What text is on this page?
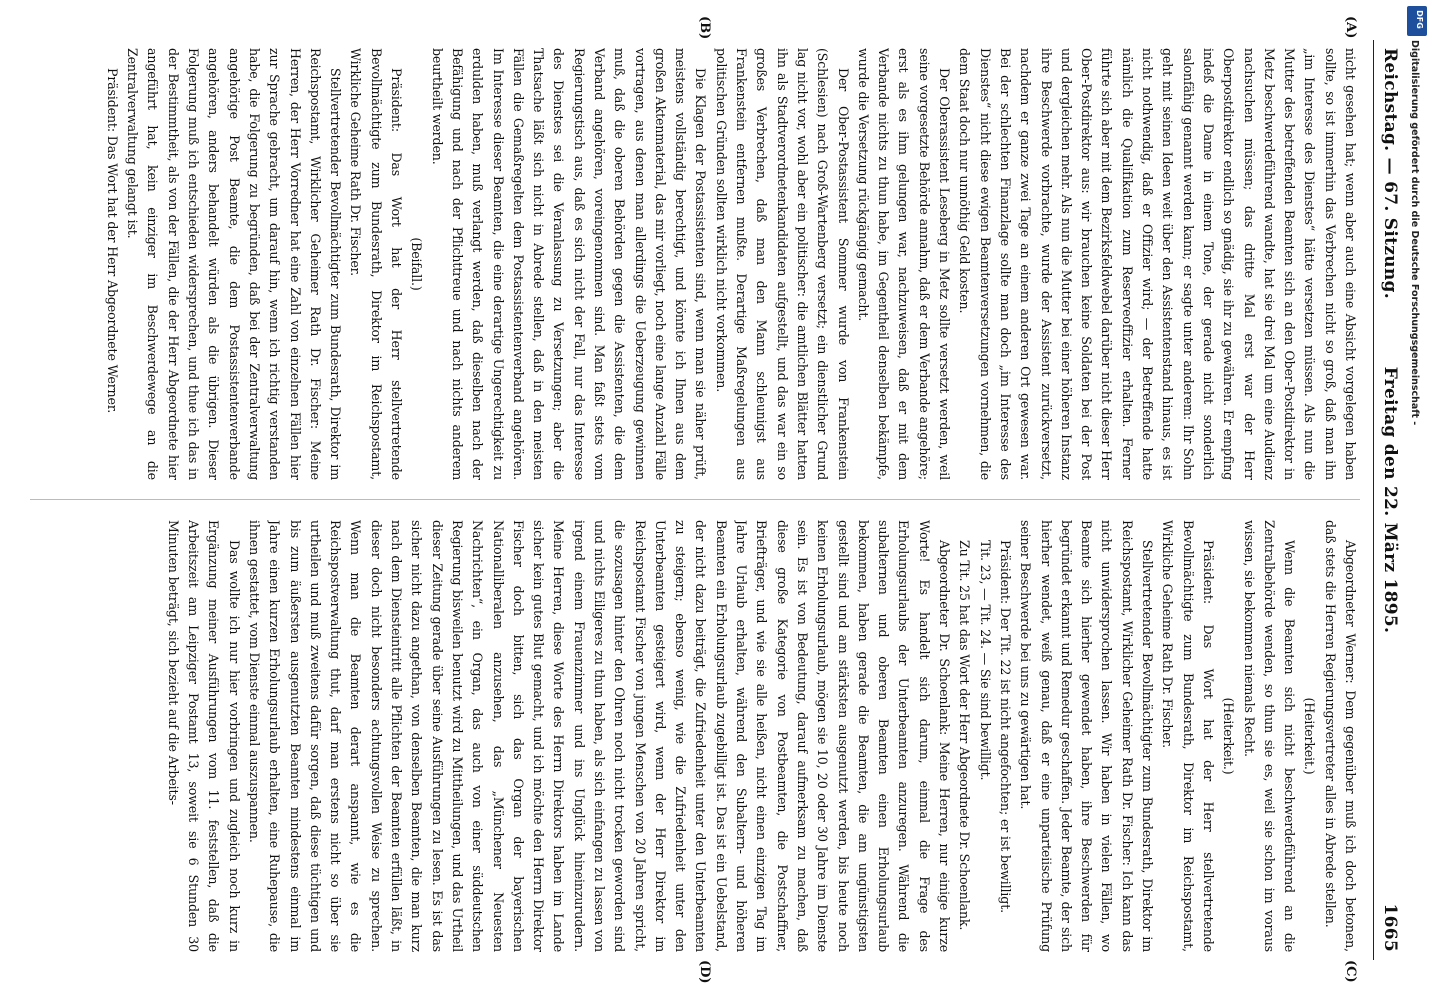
Reichstag. — 67. Sitzung.
Freitag den 22. März 1895.
1665
(A)
(B)
(C)
(D)

nicht gesehen hat; wenn aber auch eine Absicht vorgelegen haben sollte, so ist immerhin das Verbrechen nicht so groß, daß man ihn „im Interesse des Dienstes“ hätte versetzen müssen. Als nun die Mutter des betreffenden Beamten sich an den Ober-Postdirektor in Metz beschwerdeführend wandte, hat sie drei Mal um eine Audienz nachsuchen müssen; das dritte Mal erst war der Herr Oberpostdirektor endlich so gnädig, sie ihr zu gewähren. Er empfing indeß die Dame in einem Tone, der gerade nicht sonderlich salonfähig genannt werden kann; er sagte unter anderem: Ihr Sohn geht mit seinen Ideen weit über den Assistentenstand hinaus, es ist nicht nothwendig, daß er Offizier wird; — der Betreffende hatte nämlich die Qualifikation zum Reserveoffizier erhalten. Ferner führte sich aber mit dem Bezirksfeldwebel darüber nicht dieser Herr Ober-Postdirektor aus: wir brauchen keine Soldaten bei der Post und dergleichen mehr. Als nun die Mutter bei einer höheren Instanz ihre Beschwerde vorbrachte, wurde der Assistent zurückversetzt, nachdem er ganze zwei Tage an einem anderen Ort gewesen war. Bei der schlechten Finanzlage sollte man doch „im Interesse des Dienstes“ nicht diese ewigen Beamtenversetzungen vornehmen, die dem Staat doch nur unnöthig Geld kosten.

Der Oberassistent Leseberg in Metz sollte versetzt werden, weil seine vorgesetzte Behörde annahm, daß er dem Verbande angehöre; erst als es ihm gelungen war, nachzuweisen, daß er mit dem Verbande nichts zu thun habe, im Gegentheil denselben bekämpfe, wurde die Versetzung rückgängig gemacht.

Der Ober-Postassistent Sommer wurde von Frankenstein (Schlesien) nach Groß-Wartenberg versetzt; ein dienstlicher Grund lag nicht vor, wohl aber ein politischer: die amtlichen Blätter hatten ihn als Stadtverordnetenkandidaten aufgestellt, und das war ein so großes Verbrechen, daß man den Mann schleunigst aus Frankenstein entfernen mußte. Derartige Maßregelungen aus politischen Gründen sollten wirklich nicht vorkommen.

Die Klagen der Postassistenten sind, wenn man sie näher prüft, meistens vollständig berechtigt, und könnte ich Ihnen aus dem großen Aktenmaterial, das mir vorliegt, noch eine lange Anzahl Fälle vortragen, aus denen man allerdings die Ueberzeugung gewinnen muß, daß die oberen Behörden gegen die Assistenten, die dem Verband angehören, voreingenommen sind. Man faßt stets vom Regierungstisch aus, daß es sich nicht der Fall, nur das Interesse des Dienstes sei die Veranlassung zu Versetzungen; aber die Thatsache läßt sich nicht in Abrede stellen, daß in den meisten Fällen die Gemaßregelten dem Postassistentenverband angehören. Im Interesse dieser Beamten, die eine derartige Ungerechtigkeit zu erdulden haben, muß verlangt werden, daß dieselben nach der Befähigung und nach der Pflichttreue und nach nichts anderem beurtheilt werden.

(Beifall.)

Präsident: Das Wort hat der Herr stellvertretende Bevollmächtigte zum Bundesrath, Direktor im Reichspostamt, Wirkliche Geheime Rath Dr. Fischer.

Stellvertretender Bevollmächtigter zum Bundesrath, Direktor im Reichspostamt, Wirklicher Geheimer Rath Dr. Fischer: Meine Herren, der Herr Vorredner hat eine Zahl von einzelnen Fällen hier zur Sprache gebracht, um darauf hin, wenn ich richtig verstanden habe, die Folgerung zu begründen, daß bei der Zentralverwaltung angehörige Post Beamte, die dem Postassistentenverbande angehören, anders behandelt würden als die übrigen. Dieser Folgerung muß ich entschieden widersprechen, und thue ich das in der Bestimmtheit, als von der Fällen, die der Herr Abgeordnete hier angeführt hat, kein einziger im Beschwerdewege an die Zentralverwaltung gelangt ist.

Präsident: Das Wort hat der Herr Abgeordnete Werner.

Abgeordneter Werner: Dem gegenüber muß ich doch betonen, daß stets die Herren Regierungsvertreter alles in Abrede stellen.

(Heiterkeit.)

Wenn die Beamten sich nicht beschwerdeführend an die Zentralbehörde wenden, so thun sie es, weil sie schon im voraus wissen, sie bekommen niemals Recht.

(Heiterkeit.)

Präsident: Das Wort hat der Herr stellvertretende Bevollmächtigte zum Bundesrath, Direktor im Reichspostamt, Wirkliche Geheime Rath Dr. Fischer.

Stellvertretender Bevollmächtigter zum Bundesrath, Direktor im Reichspostamt, Wirklicher Geheimer Rath Dr. Fischer: Ich kann das nicht unwidersprochen lassen. Wir haben in vielen Fällen, wo Beamte sich hierher gewendet haben, ihre Beschwerden für begründet erkannt und Remedur geschaffen. Jeder Beamte, der sich hierher wendet, weiß genau, daß er eine unparteiische Prüfung seiner Beschwerde bei uns zu gewärtigen hat.

Präsident: Der Tit. 22 ist nicht angefochten; er ist bewilligt.

Tit. 23, — Tit. 24. — Sie sind bewilligt.

Zu Tit. 25 hat das Wort der Herr Abgeordnete Dr. Schoenlank.

Abgeordneter Dr. Schoenlank: Meine Herren, nur einige kurze Worte! Es handelt sich darum, einmal die Frage des Erholungsurlaubs der Unterbeamten anzuregen. Während die subalternen und oberen Beamten einen Erholungsurlaub bekommen, haben gerade die Beamten, die am ungünstigsten gestellt sind und am stärksten ausgenutzt werden, bis heute noch keinen Erholungsurlaub, mögen sie 10, 20 oder 30 Jahre im Dienste sein. Es ist von Bedeutung, darauf aufmerksam zu machen, daß diese große Kategorie von Postbeamten, die Postschaffner, Briefträger, und wie sie alle heißen, nicht einen einzigen Tag im Jahre Urlaub erhalten, während den Subaltern- und höheren Beamten ein Erholungsurlaub zugebilligt ist. Das ist ein Uebelstand, der nicht dazu beiträgt, die Zufriedenheit unter den Unterbeamten zu steigern; ebenso wenig, wie die Zufriedenheit unter den Unterbeamten gesteigert wird, wenn der Herr Direktor im Reichspostamt Fischer von jungen Menschen von 20 Jahren spricht, die sozusagen hinter den Ohren noch nicht trocken geworden sind und nichts Eiligeres zu thun haben, als sich einfangen zu lassen von irgend einem Frauenzimmer und ins Unglück hineinzurudern. Meine Herren, diese Worte des Herrn Direktors haben im Lande sicher kein gutes Blut gemacht, und ich möchte den Herrn Direktor Fischer doch bitten, sich das Organ der bayerischen Nationalliberalen anzusehen, das „Münchener Neuesten Nachrichten“, ein Organ, das auch von einer süddeutschen Regierung bisweilen benutzt wird zu Mittheilungen, und das Urtheil dieser Zeitung gerade über seine Ausführungen zu lesen. Es ist das sicher nicht dazu angethan, von denselben Beamten, die man kurz nach dem Diensteintritt alle Pflichten der Beamten erfüllen läßt, in dieser doch nicht besonders achtungsvollen Weise zu sprechen. Wenn man die Beamten derart anspannt, wie es die Reichspostverwaltung thut, darf man erstens nicht so über sie urtheilen und muß zweitens dafür sorgen, daß diese tüchtigen und bis zum äußersten ausgenutzten Beamten mindestens einmal im Jahre einen kurzen Erholungsurlaub erhalten, eine Ruhepause, die ihnen gestattet, vom Dienste einmal auszuspannen.

Das wollte ich nur hier vorbringen und zugleich noch kurz in Ergänzung meiner Ausführungen vom 11. feststellen, daß die Arbeitszeit am Leipziger Postamt 13, soweit sie 6 Stunden 30 Minuten beträgt, sich bezieht auf die Arbeits-

Digitalisierung gefördert durch die Deutsche Forschungsgemeinschaft -
DFG
